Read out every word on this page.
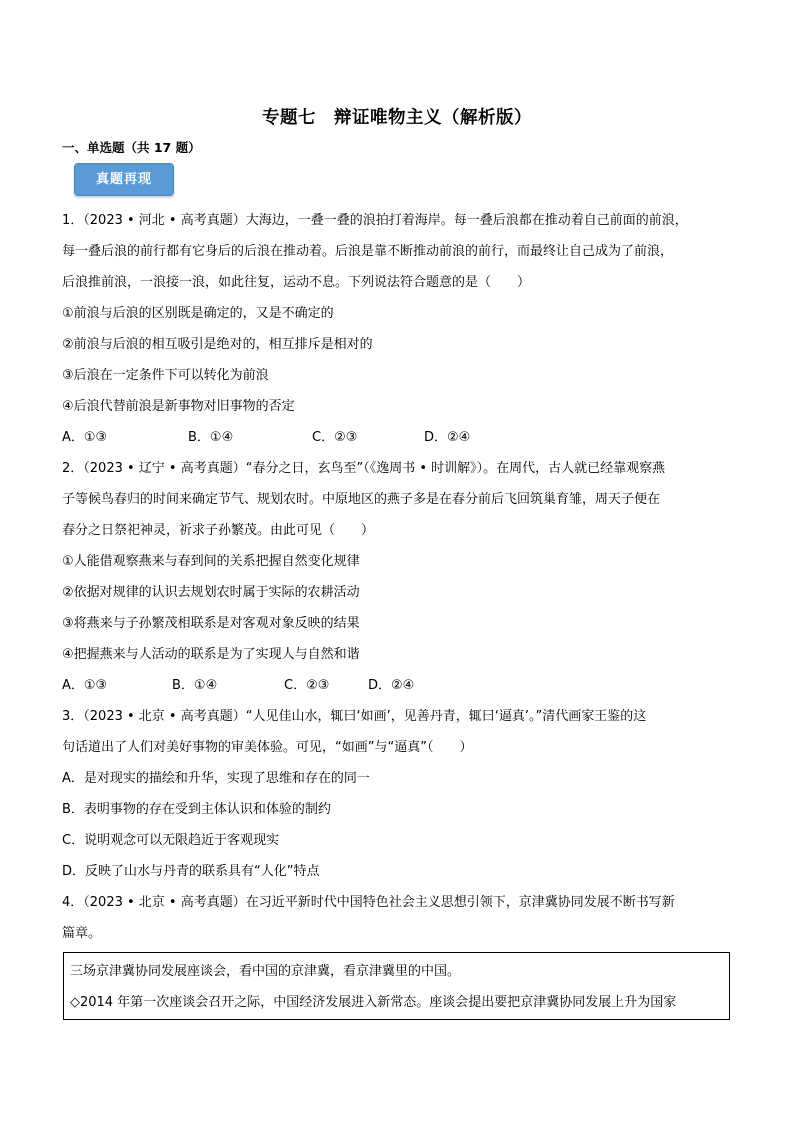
专题七　辩证唯物主义（解析版）
一、单选题（共 17 题）
真题再现
1．（2023 • 河北 • 高考真题）大海边，一叠一叠的浪拍打着海岸。每一叠后浪都在推动着自己前面的前浪，
每一叠后浪的前行都有它身后的后浪在推动着。后浪是靠不断推动前浪的前行，而最终让自己成为了前浪，
后浪推前浪，一浪接一浪，如此往复，运动不息。下列说法符合题意的是（　　）
①前浪与后浪的区别既是确定的，又是不确定的
②前浪与后浪的相互吸引是绝对的，相互排斥是相对的
③后浪在一定条件下可以转化为前浪
④后浪代替前浪是新事物对旧事物的否定
A．①③	B．①④	C．②③	D．②④
2．（2023 • 辽宁 • 高考真题）“春分之日，玄鸟至”（《逸周书 • 时训解》）。在周代，古人就已经靠观察燕
子等候鸟春归的时间来确定节气、规划农时。中原地区的燕子多是在春分前后飞回筑巢育雏，周天子便在
春分之日祭祀神灵，祈求子孙繁茂。由此可见（　　）
①人能借观察燕来与春到间的关系把握自然变化规律
②依据对规律的认识去规划农时属于实际的农耕活动
③将燕来与子孙繁茂相联系是对客观对象反映的结果
④把握燕来与人活动的联系是为了实现人与自然和谐
A．①③	B．①④	C．②③	D．②④
3．（2023 • 北京 • 高考真题）“人见佳山水，辄曰‘如画’，见善丹青，辄曰‘逼真’。”清代画家王鉴的这
句话道出了人们对美好事物的审美体验。可见，“如画”与“逼真”（　　）
A．是对现实的描绘和升华，实现了思维和存在的同一
B．表明事物的存在受到主体认识和体验的制约
C．说明观念可以无限趋近于客观现实
D．反映了山水与丹青的联系具有“人化”特点
4．（2023 • 北京 • 高考真题）在习近平新时代中国特色社会主义思想引领下，京津冀协同发展不断书写新
篇章。
三场京津冀协同发展座谈会，看中国的京津冀，看京津冀里的中国。
◇2014 年第一次座谈会召开之际，中国经济发展进入新常态。座谈会提出要把京津冀协同发展上升为国家
